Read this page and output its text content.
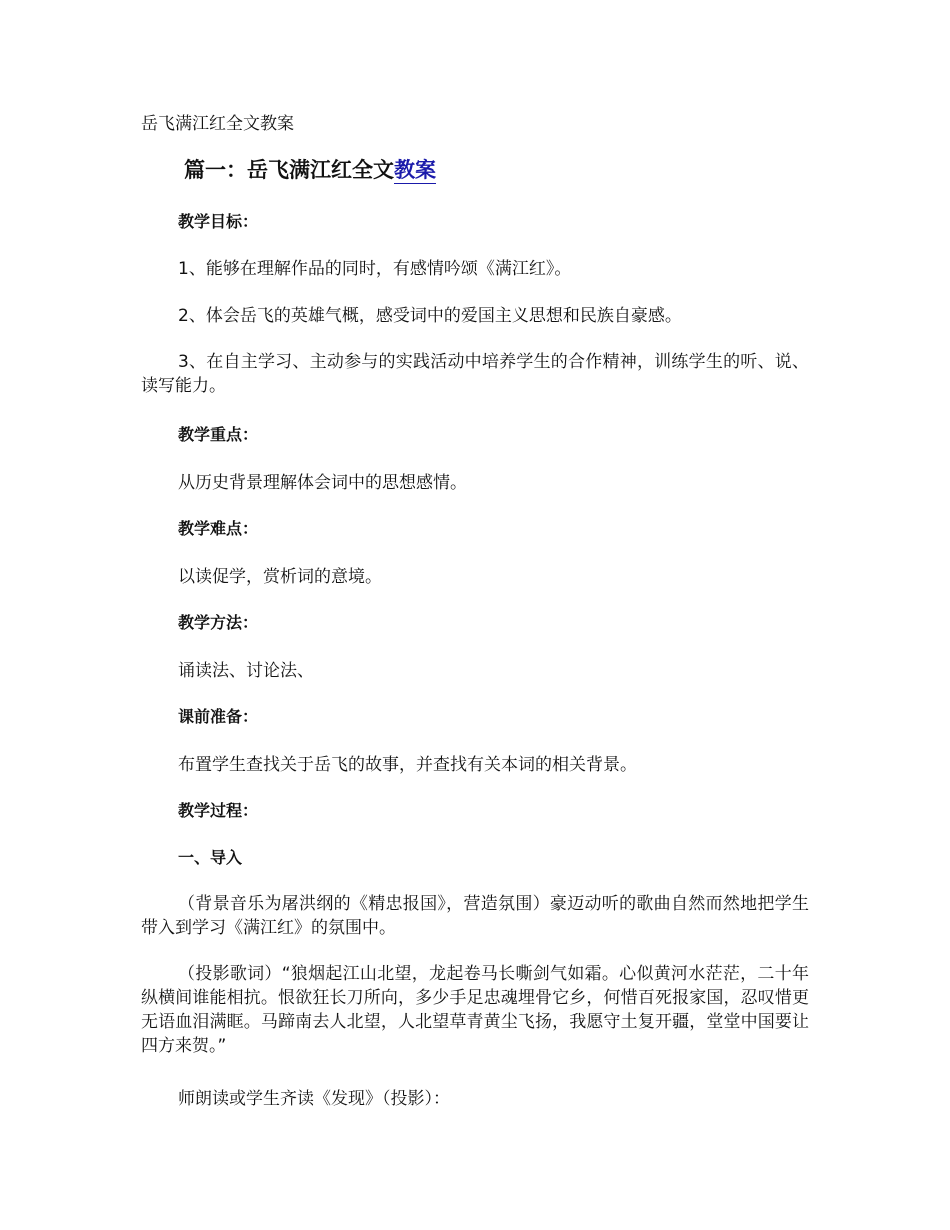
岳飞满江红全文教案
篇一：岳飞满江红全文教案
教学目标：
1、能够在理解作品的同时，有感情吟颂《满江红》。
2、体会岳飞的英雄气概，感受词中的爱国主义思想和民族自豪感。
3、在自主学习、主动参与的实践活动中培养学生的合作精神，训练学生的听、说、读写能力。
教学重点：
从历史背景理解体会词中的思想感情。
教学难点：
以读促学，赏析词的意境。
教学方法：
诵读法、讨论法、
课前准备：
布置学生查找关于岳飞的故事，并查找有关本词的相关背景。
教学过程：
一、导入
（背景音乐为屠洪纲的《精忠报国》，营造氛围）豪迈动听的歌曲自然而然地把学生带入到学习《满江红》的氛围中。
（投影歌词）“狼烟起江山北望，龙起卷马长嘶剑气如霜。心似黄河水茫茫，二十年纵横间谁能相抗。恨欲狂长刀所向，多少手足忠魂埋骨它乡，何惜百死报家国，忍叹惜更无语血泪满眶。马蹄南去人北望，人北望草青黄尘飞扬，我愿守土复开疆，堂堂中国要让四方来贺。”
师朗读或学生齐读《发现》（投影）：
